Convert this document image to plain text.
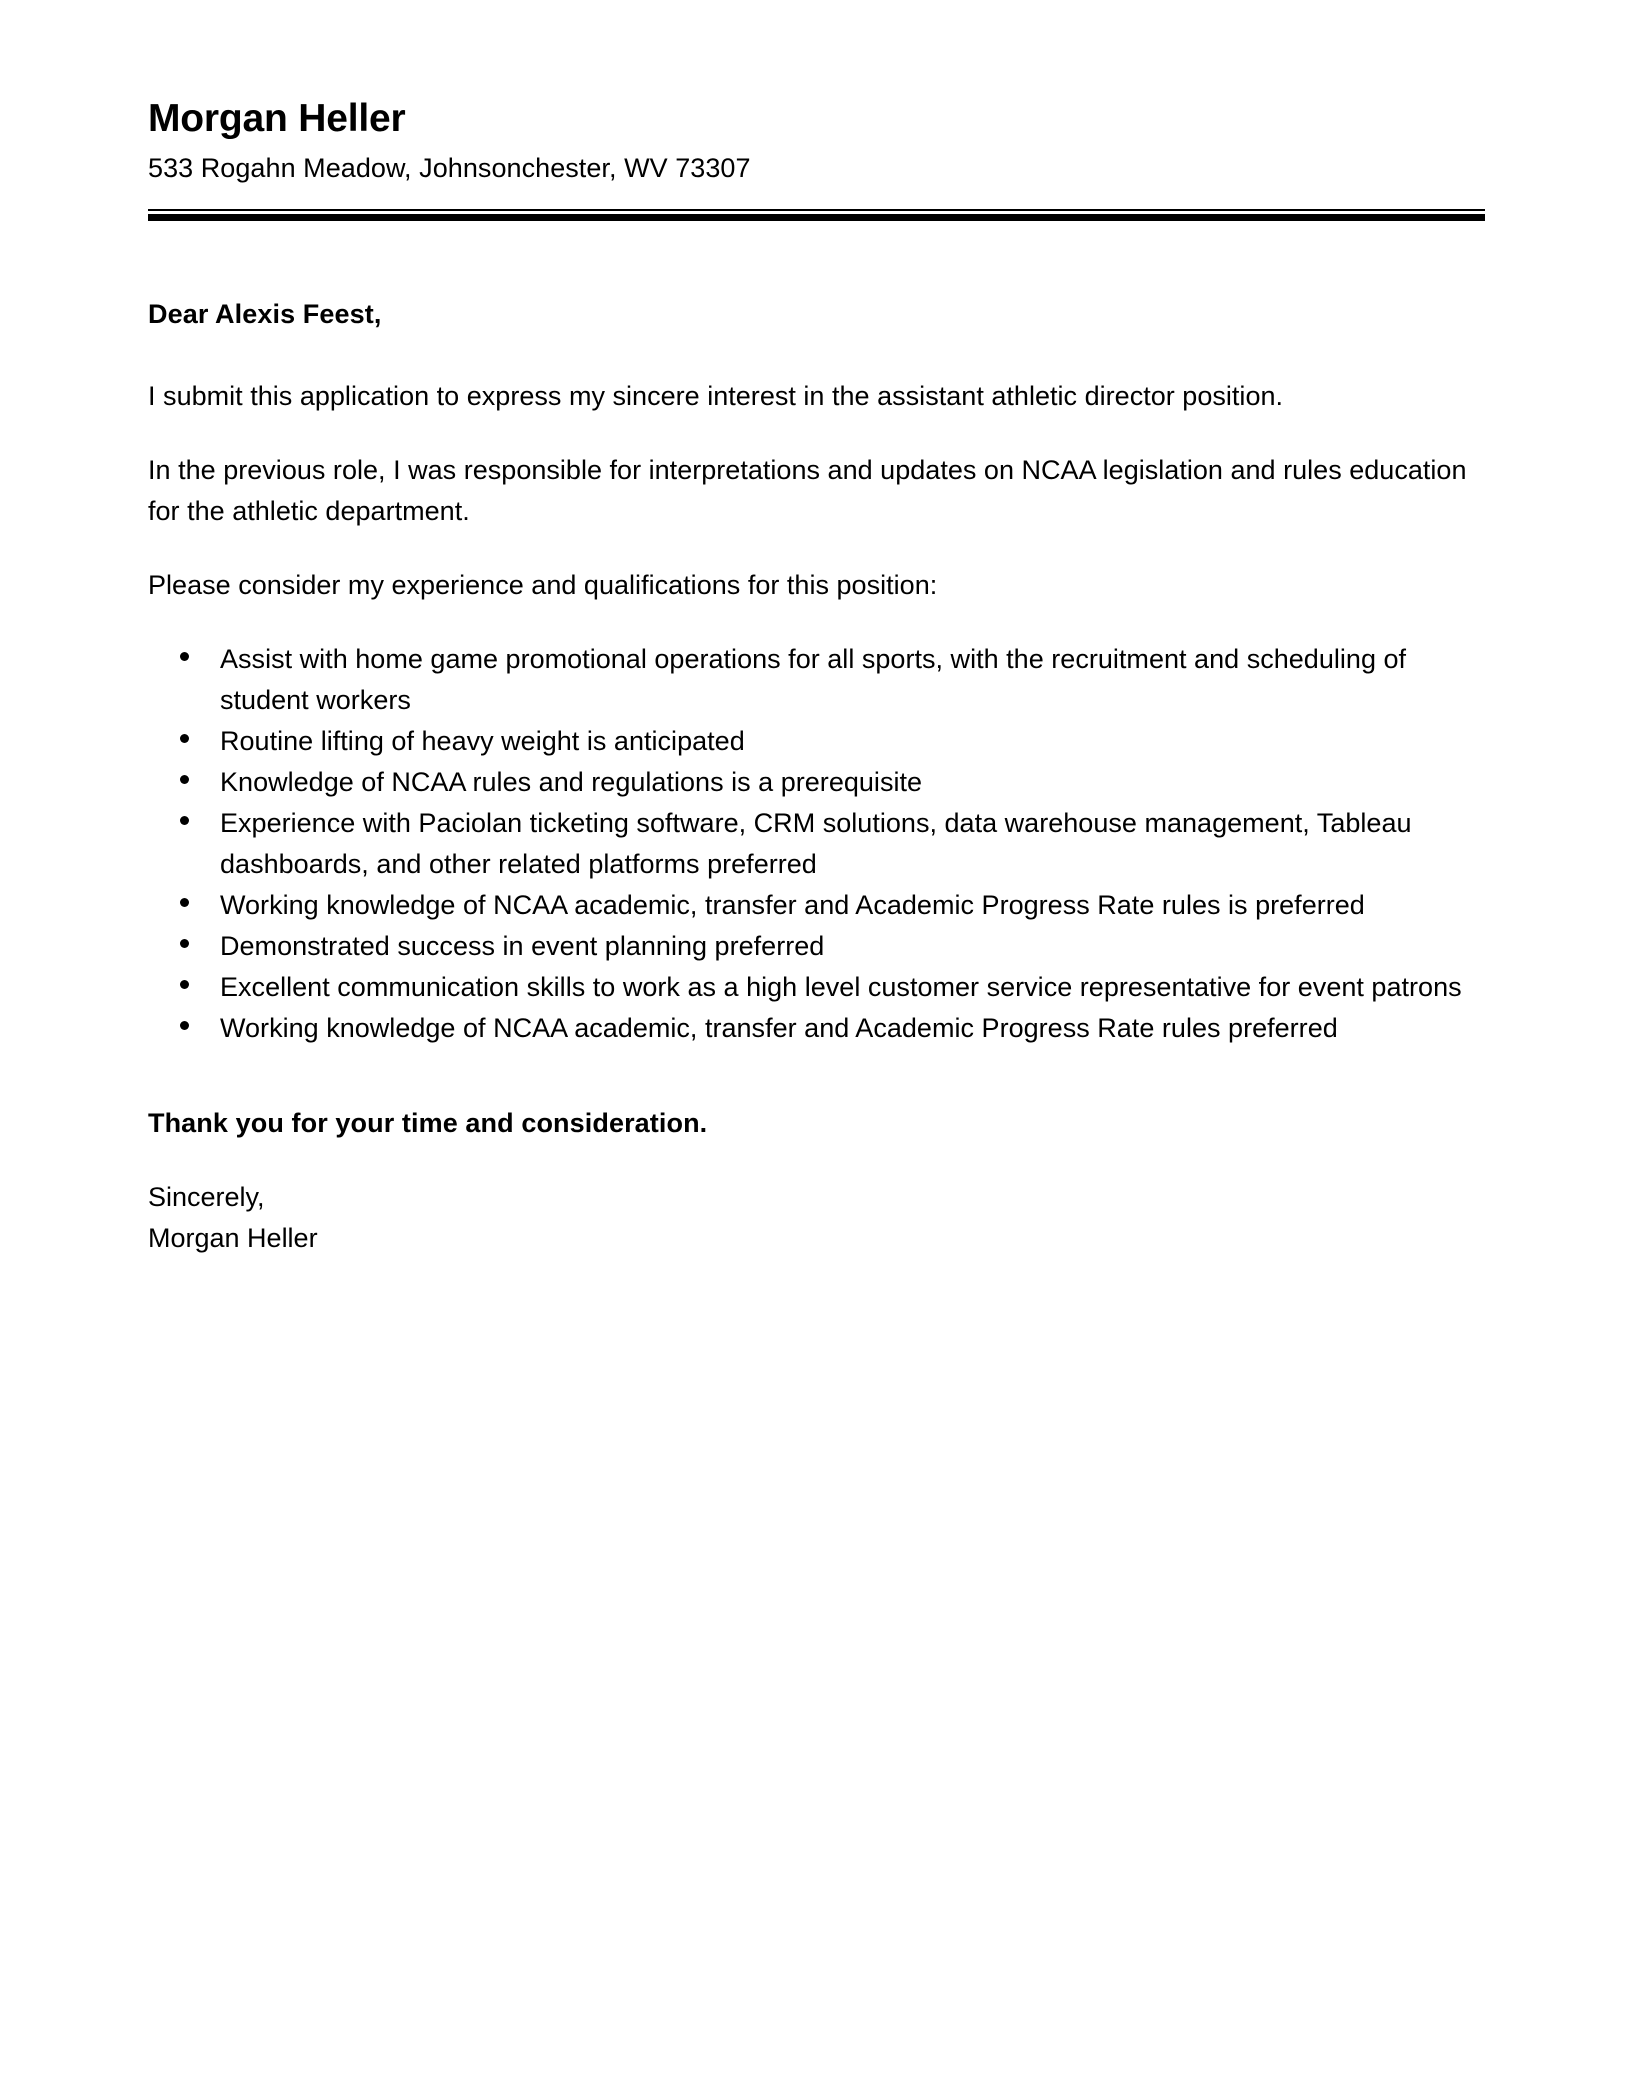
Morgan Heller
533 Rogahn Meadow, Johnsonchester, WV 73307
Dear Alexis Feest,

I submit this application to express my sincere interest in the assistant athletic director position.

In the previous role, I was responsible for interpretations and updates on NCAA legislation and rules education for the athletic department.

Please consider my experience and qualifications for this position:

Assist with home game promotional operations for all sports, with the recruitment and scheduling of student workers
Routine lifting of heavy weight is anticipated
Knowledge of NCAA rules and regulations is a prerequisite
Experience with Paciolan ticketing software, CRM solutions, data warehouse management, Tableau dashboards, and other related platforms preferred
Working knowledge of NCAA academic, transfer and Academic Progress Rate rules is preferred
Demonstrated success in event planning preferred
Excellent communication skills to work as a high level customer service representative for event patrons
Working knowledge of NCAA academic, transfer and Academic Progress Rate rules preferred
Thank you for your time and consideration.
Sincerely,
Morgan Heller
